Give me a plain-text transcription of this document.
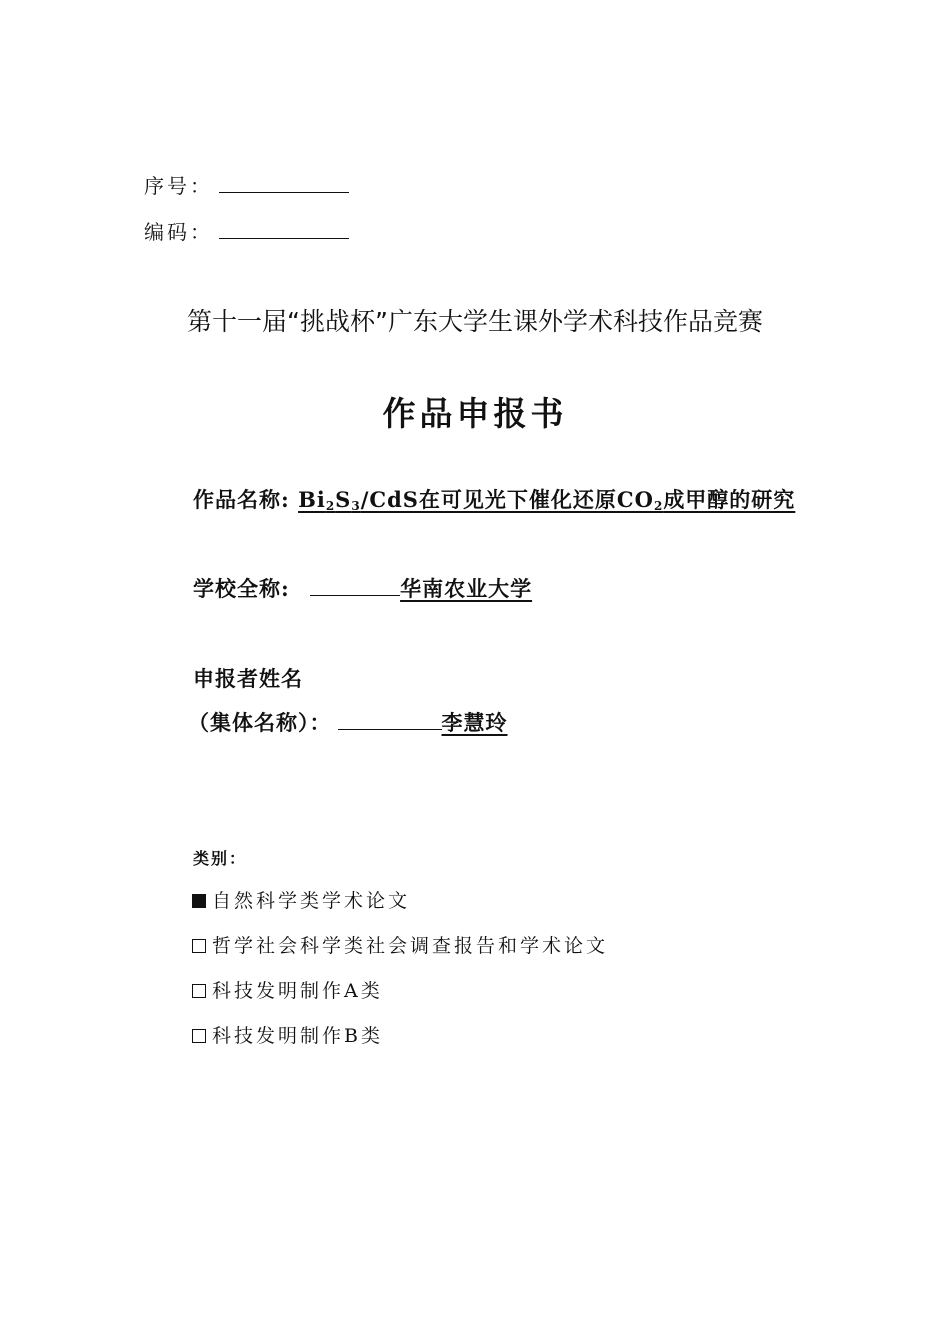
序号：
编码：
第十一届“挑战杯”广东大学生课外学术科技作品竞赛
作品申报书
作品名称: $Bi_2S_3$/CdS在可见光下催化还原$CO_2$成甲醇的研究
学校全称:	华南农业大学
申报者姓名
（集体名称）：	李慧玲
类别：
自然科学类学术论文
哲学社会科学类社会调查报告和学术论文
科技发明制作A类
科技发明制作B类
